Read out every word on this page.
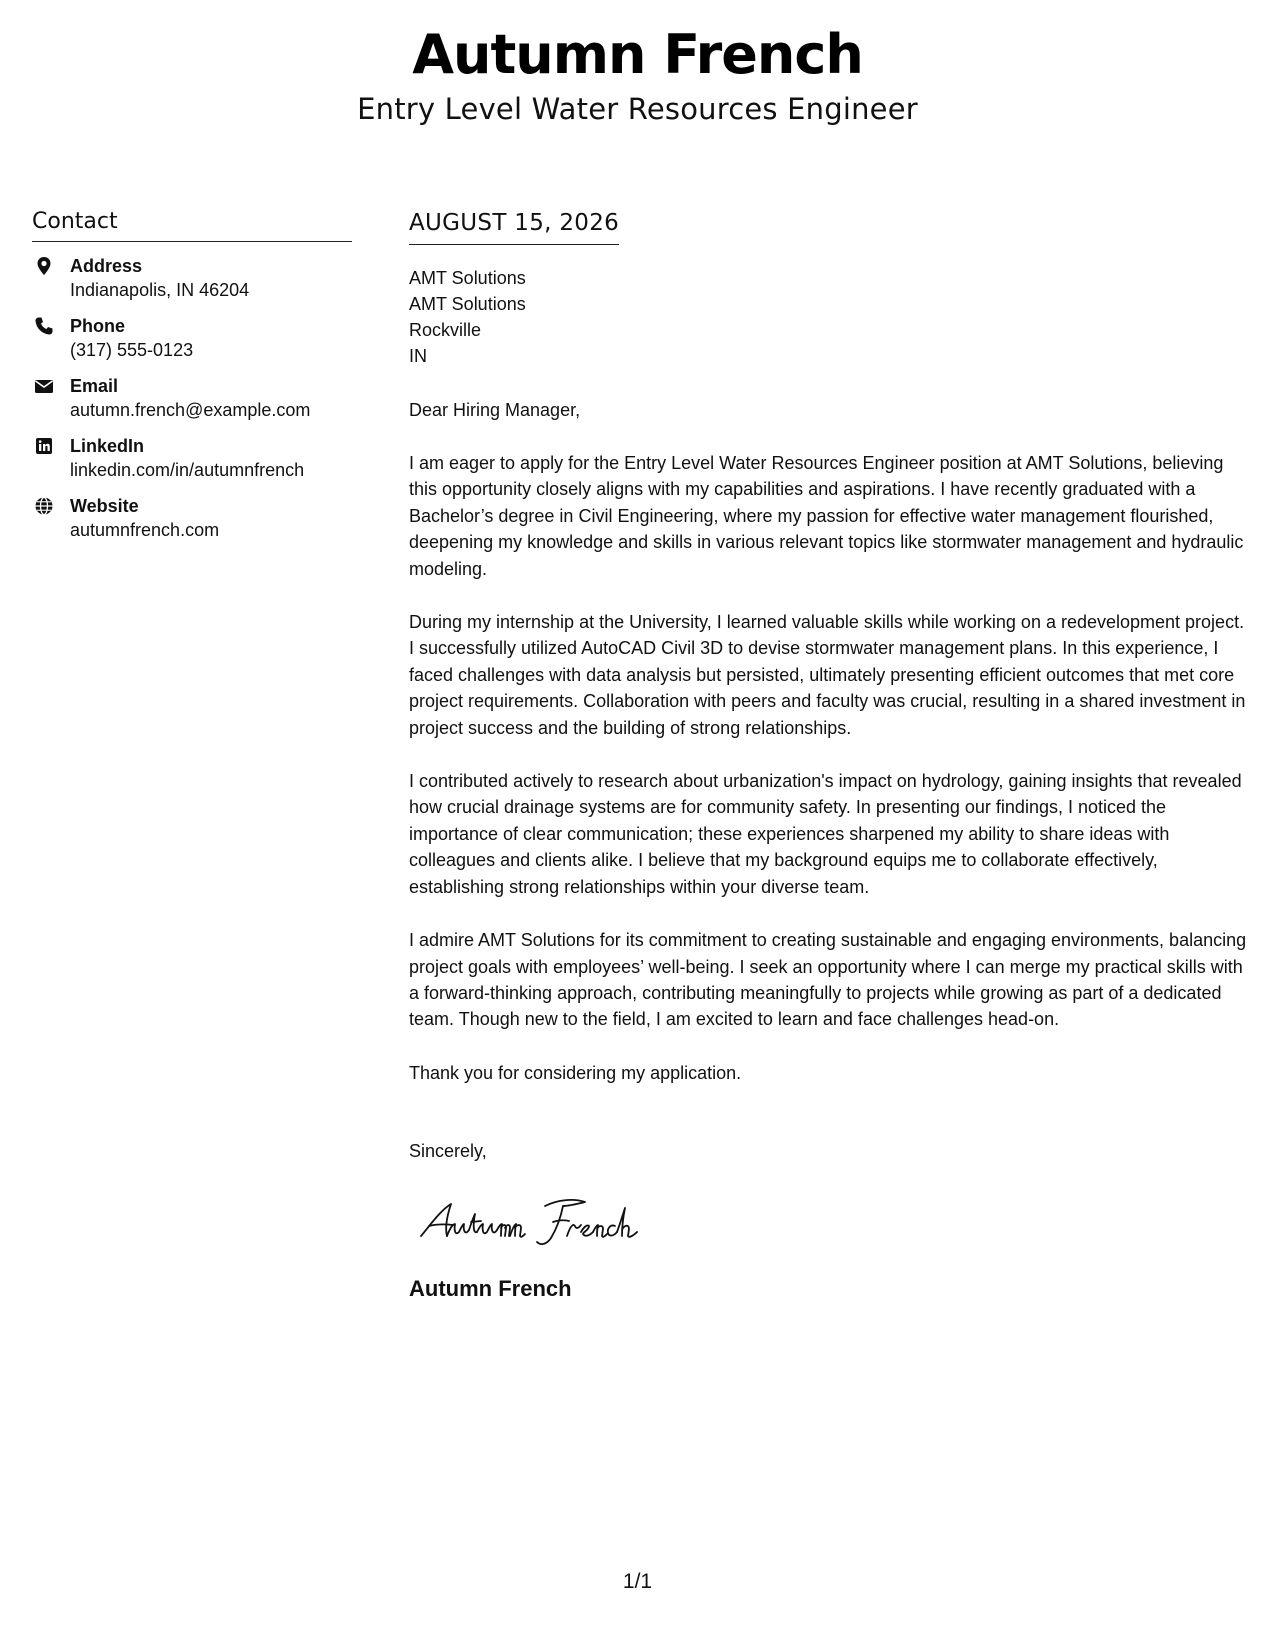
Autumn French
Entry Level Water Resources Engineer
Contact
Address
Indianapolis, IN 46204
Phone
(317) 555-0123
Email
autumn.french@example.com
LinkedIn
linkedin.com/in/autumnfrench
Website
autumnfrench.com
AUGUST 15, 2026
AMT Solutions
AMT Solutions
Rockville
IN
Dear Hiring Manager,
I am eager to apply for the Entry Level Water Resources Engineer position at AMT Solutions, believing this opportunity closely aligns with my capabilities and aspirations. I have recently graduated with a Bachelor’s degree in Civil Engineering, where my passion for effective water management flourished, deepening my knowledge and skills in various relevant topics like stormwater management and hydraulic modeling.
During my internship at the University, I learned valuable skills while working on a redevelopment project. I successfully utilized AutoCAD Civil 3D to devise stormwater management plans. In this experience, I faced challenges with data analysis but persisted, ultimately presenting efficient outcomes that met core project requirements. Collaboration with peers and faculty was crucial, resulting in a shared investment in project success and the building of strong relationships.
I contributed actively to research about urbanization's impact on hydrology, gaining insights that revealed how crucial drainage systems are for community safety. In presenting our findings, I noticed the importance of clear communication; these experiences sharpened my ability to share ideas with colleagues and clients alike. I believe that my background equips me to collaborate effectively, establishing strong relationships within your diverse team.
I admire AMT Solutions for its commitment to creating sustainable and engaging environments, balancing project goals with employees’ well-being. I seek an opportunity where I can merge my practical skills with a forward-thinking approach, contributing meaningfully to projects while growing as part of a dedicated team. Though new to the field, I am excited to learn and face challenges head-on.
Thank you for considering my application.
Sincerely,
Autumn French
1/1
